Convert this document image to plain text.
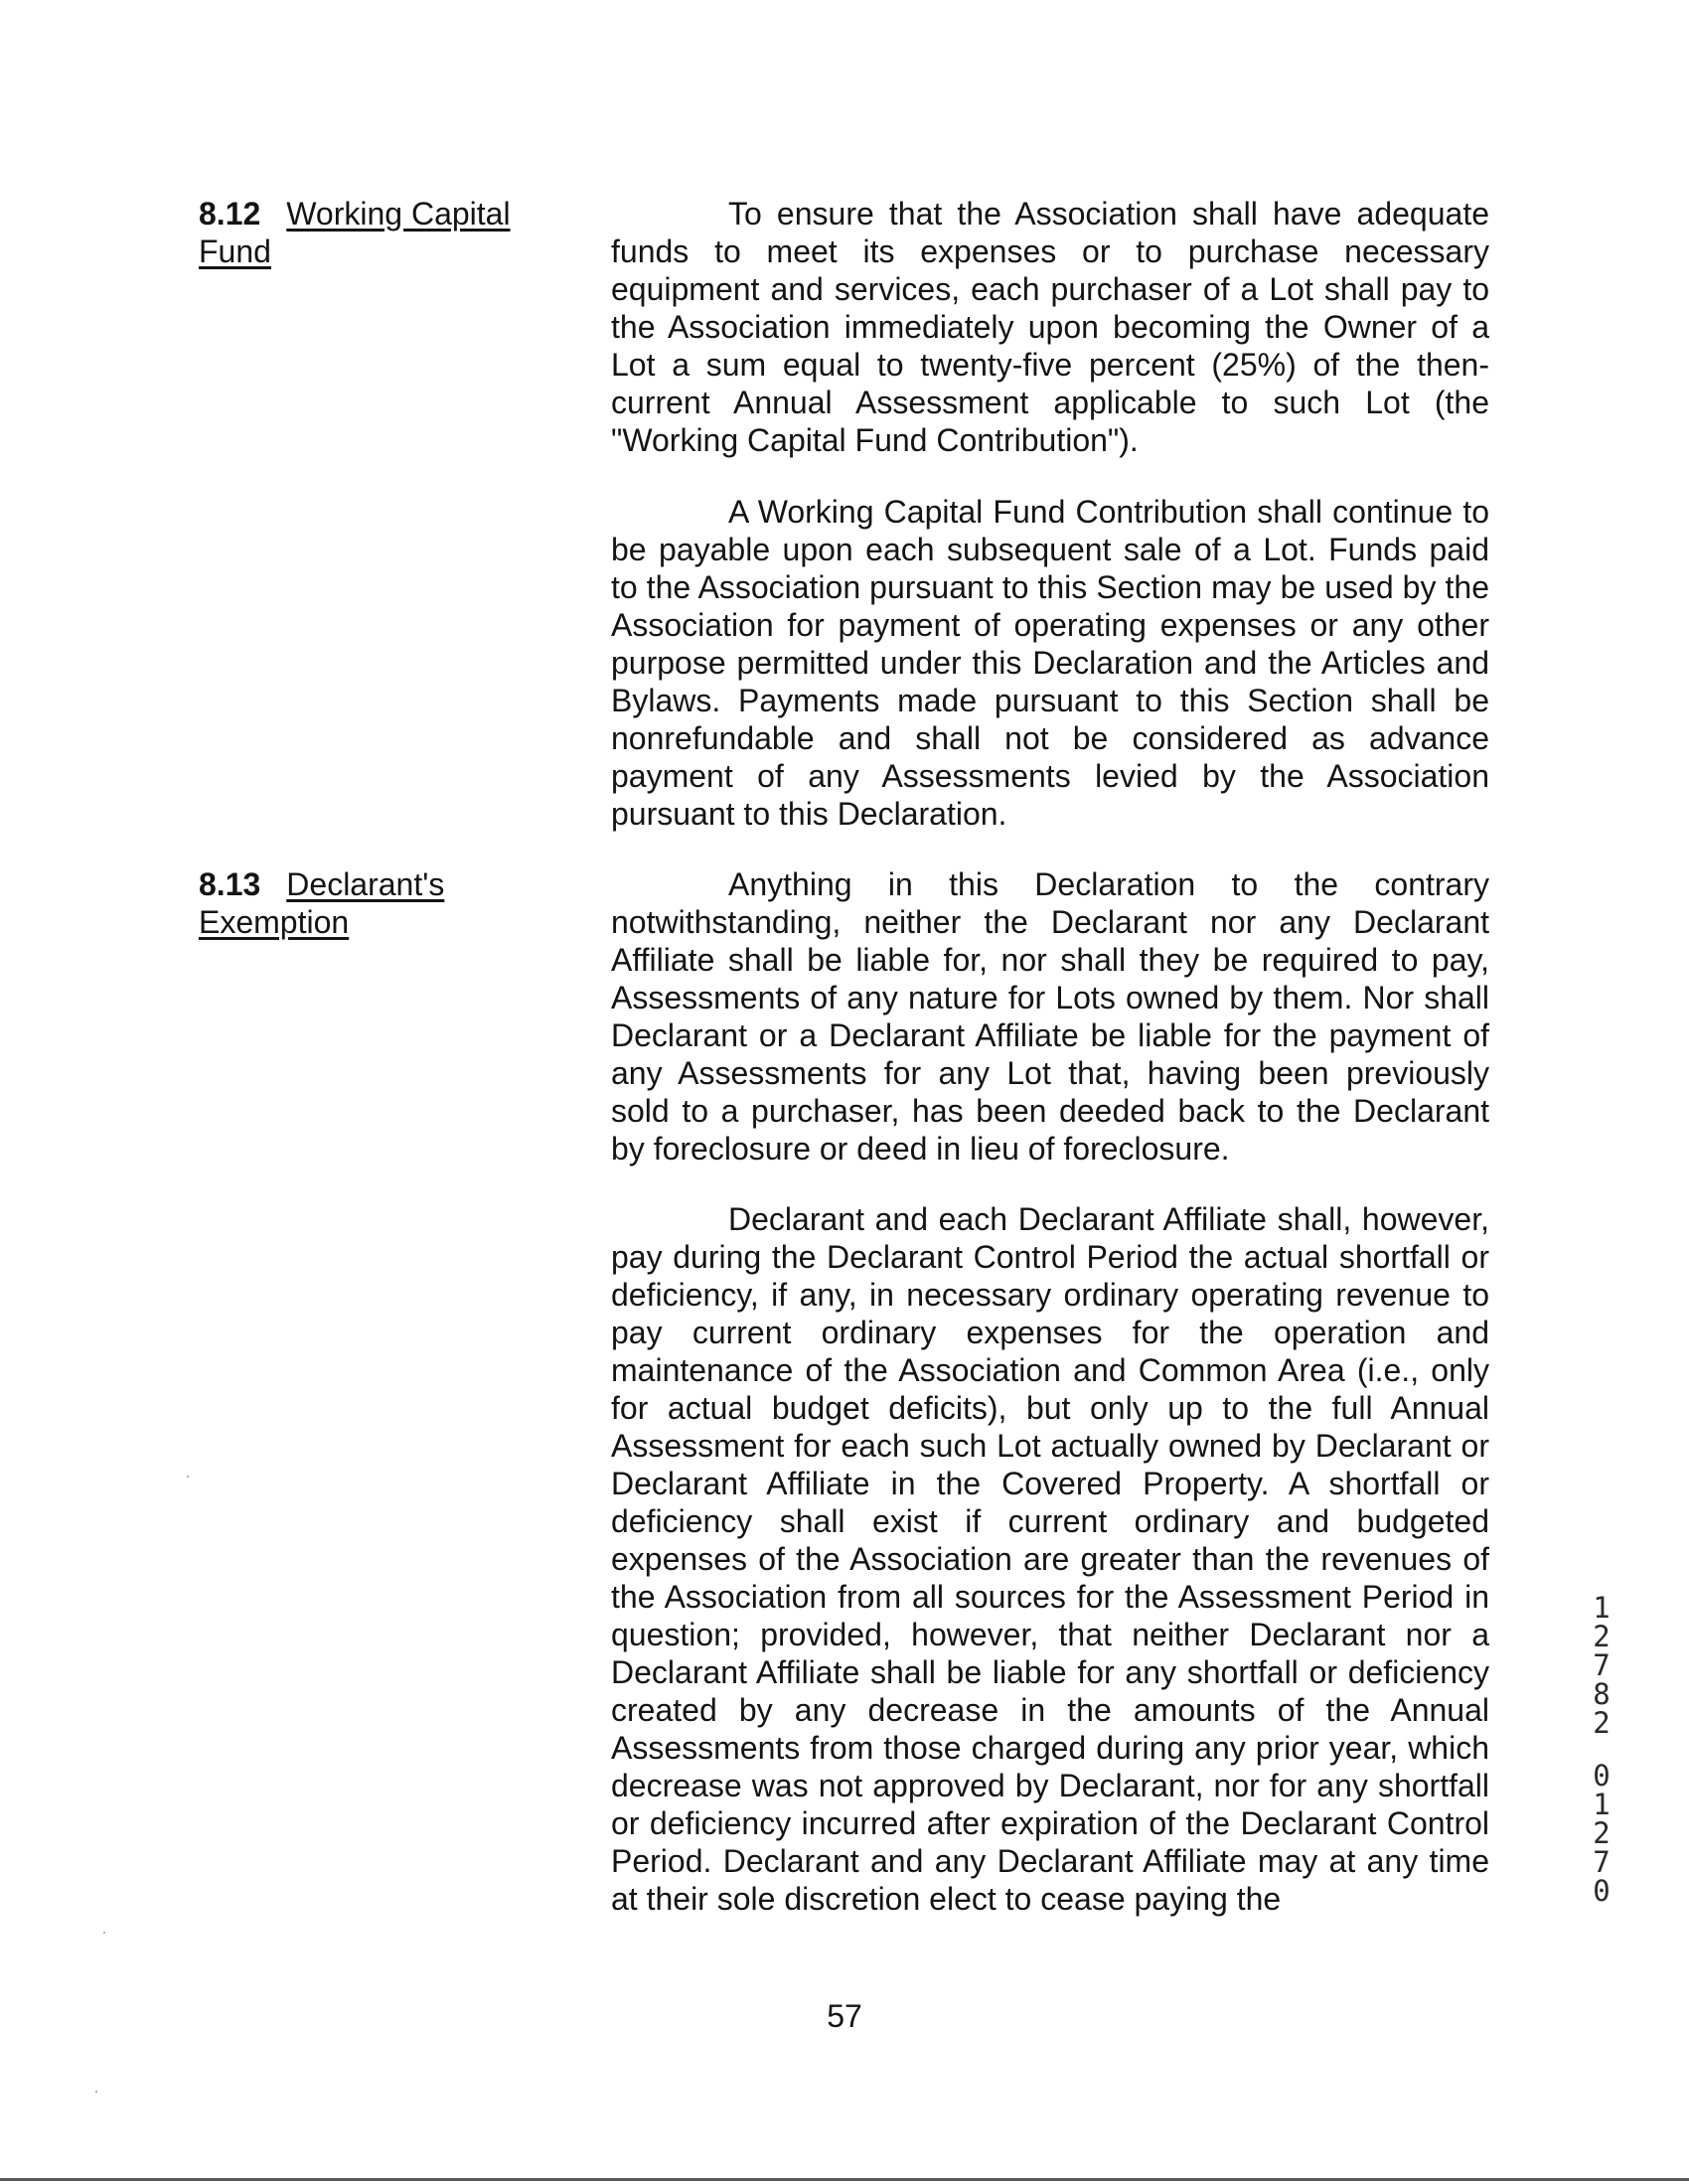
8.12 Working Capital
Fund

To ensure that the Association shall have adequate funds to meet its expenses or to purchase necessary equipment and services, each purchaser of a Lot shall pay to the Association immediately upon becoming the Owner of a Lot a sum equal to twenty-five percent (25%) of the then-current Annual Assessment applicable to such Lot (the "Working Capital Fund Contribution").

A Working Capital Fund Contribution shall continue to be payable upon each subsequent sale of a Lot. Funds paid to the Association pursuant to this Section may be used by the Association for payment of operating expenses or any other purpose permitted under this Declaration and the Articles and Bylaws. Payments made pursuant to this Section shall be nonrefundable and shall not be considered as advance payment of any Assessments levied by the Association pursuant to this Declaration.

8.13 Declarant's
Exemption

Anything in this Declaration to the contrary notwithstanding, neither the Declarant nor any Declarant Affiliate shall be liable for, nor shall they be required to pay, Assessments of any nature for Lots owned by them. Nor shall Declarant or a Declarant Affiliate be liable for the payment of any Assessments for any Lot that, having been previously sold to a purchaser, has been deeded back to the Declarant by foreclosure or deed in lieu of foreclosure.

Declarant and each Declarant Affiliate shall, however, pay during the Declarant Control Period the actual shortfall or deficiency, if any, in necessary ordinary operating revenue to pay current ordinary expenses for the operation and maintenance of the Association and Common Area (i.e., only for actual budget deficits), but only up to the full Annual Assessment for each such Lot actually owned by Declarant or Declarant Affiliate in the Covered Property. A shortfall or deficiency shall exist if current ordinary and budgeted expenses of the Association are greater than the revenues of the Association from all sources for the Assessment Period in question; provided, however, that neither Declarant nor a Declarant Affiliate shall be liable for any shortfall or deficiency created by any decrease in the amounts of the Annual Assessments from those charged during any prior year, which decrease was not approved by Declarant, nor for any shortfall or deficiency incurred after expiration of the Declarant Control Period. Declarant and any Declarant Affiliate may at any time at their sole discretion elect to cease paying the

57
1
2
7
8
2
0
1
2
7
0
